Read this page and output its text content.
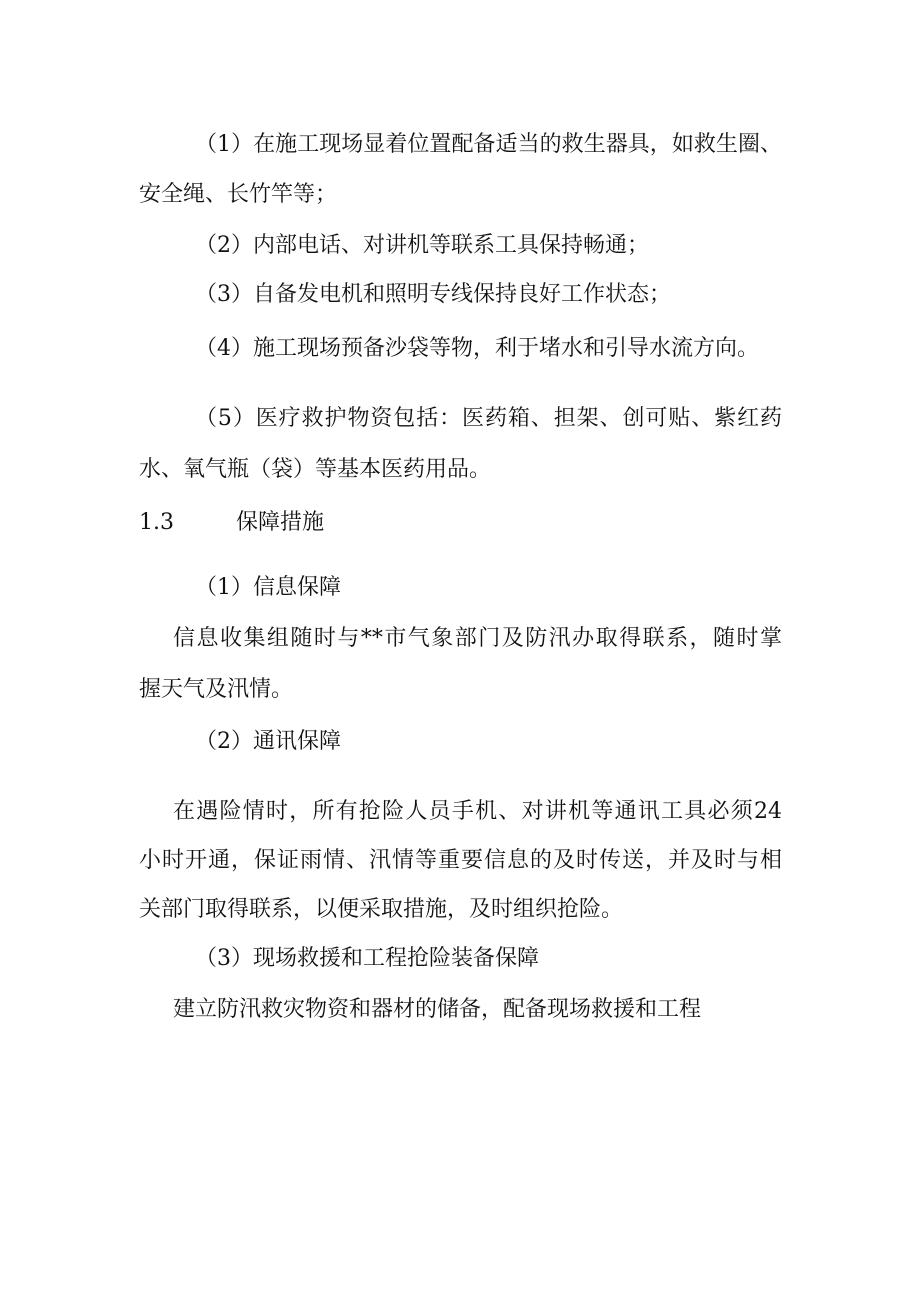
（1）在施工现场显着位置配备适当的救生器具，如救生圈、
安全绳、长竹竿等；
（2）内部电话、对讲机等联系工具保持畅通；
（3）自备发电机和照明专线保持良好工作状态；
（4）施工现场预备沙袋等物，利于堵水和引导水流方向。
（5）医疗救护物资包括：医药箱、担架、创可贴、紫红药
水、氧气瓶（袋）等基本医药用品。
1.3	保障措施
（1）信息保障
信息收集组随时与**市气象部门及防汛办取得联系，随时掌
握天气及汛情。
（2）通讯保障
在遇险情时，所有抢险人员手机、对讲机等通讯工具必须24
小时开通，保证雨情、汛情等重要信息的及时传送，并及时与相
关部门取得联系，以便采取措施，及时组织抢险。
（3）现场救援和工程抢险装备保障
建立防汛救灾物资和器材的储备，配备现场救援和工程
